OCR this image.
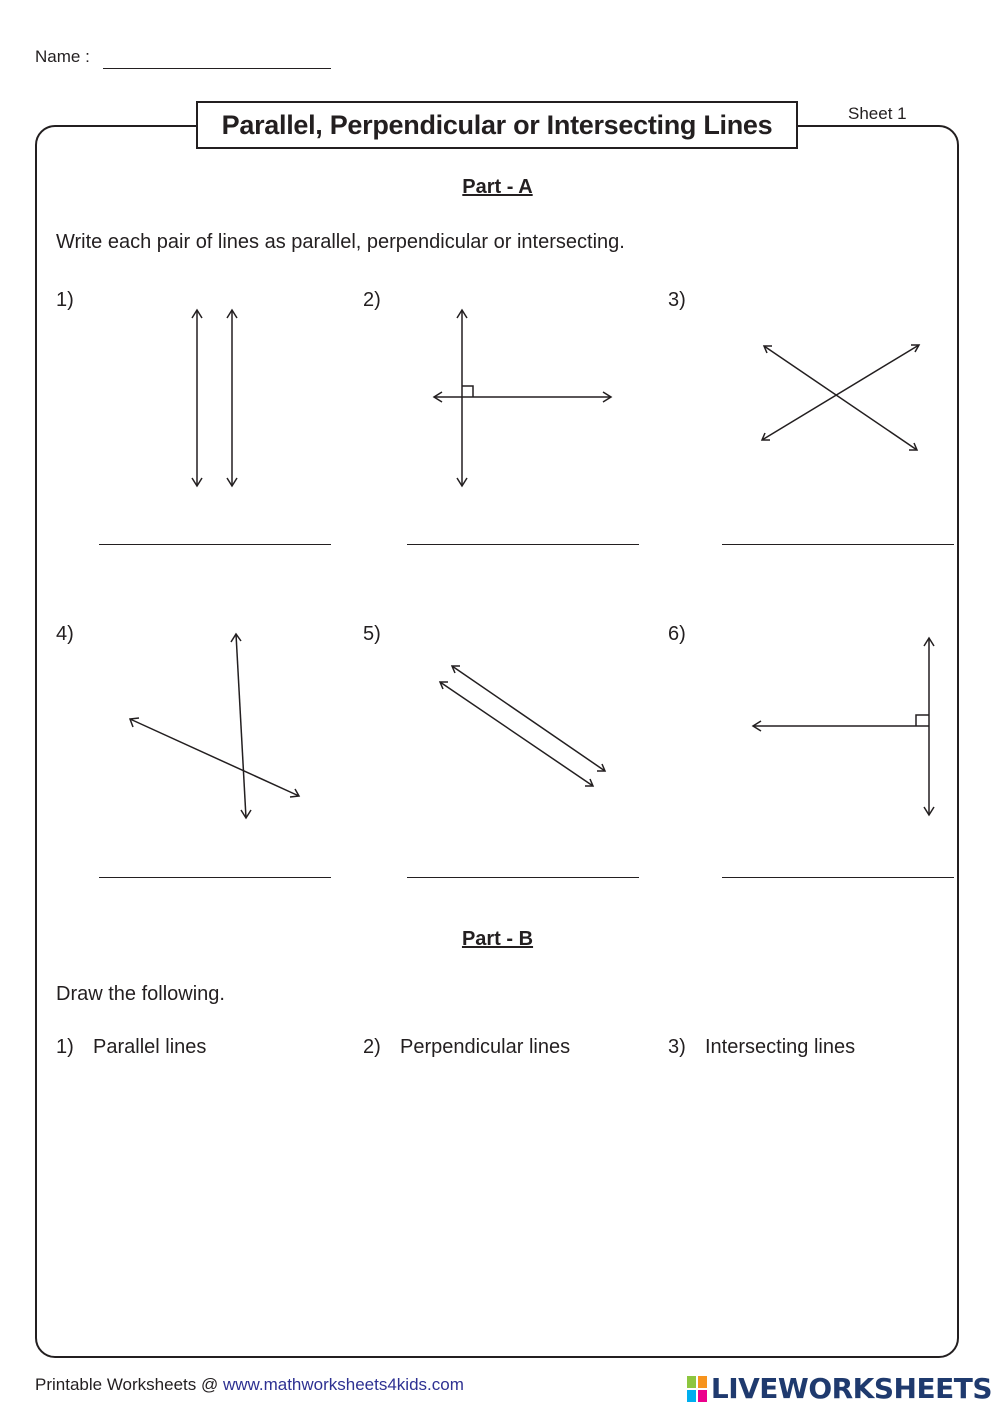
Name :
Parallel, Perpendicular or Intersecting Lines	Sheet 1
Part - A
Write each pair of lines as parallel, perpendicular or intersecting.
1)	2)	3)
4)	5)	6)
Part - B
Draw the following.
1) Parallel lines	2) Perpendicular lines	3) Intersecting lines
Printable Worksheets @ www.mathworksheets4kids.com	LIVEWORKSHEETS
